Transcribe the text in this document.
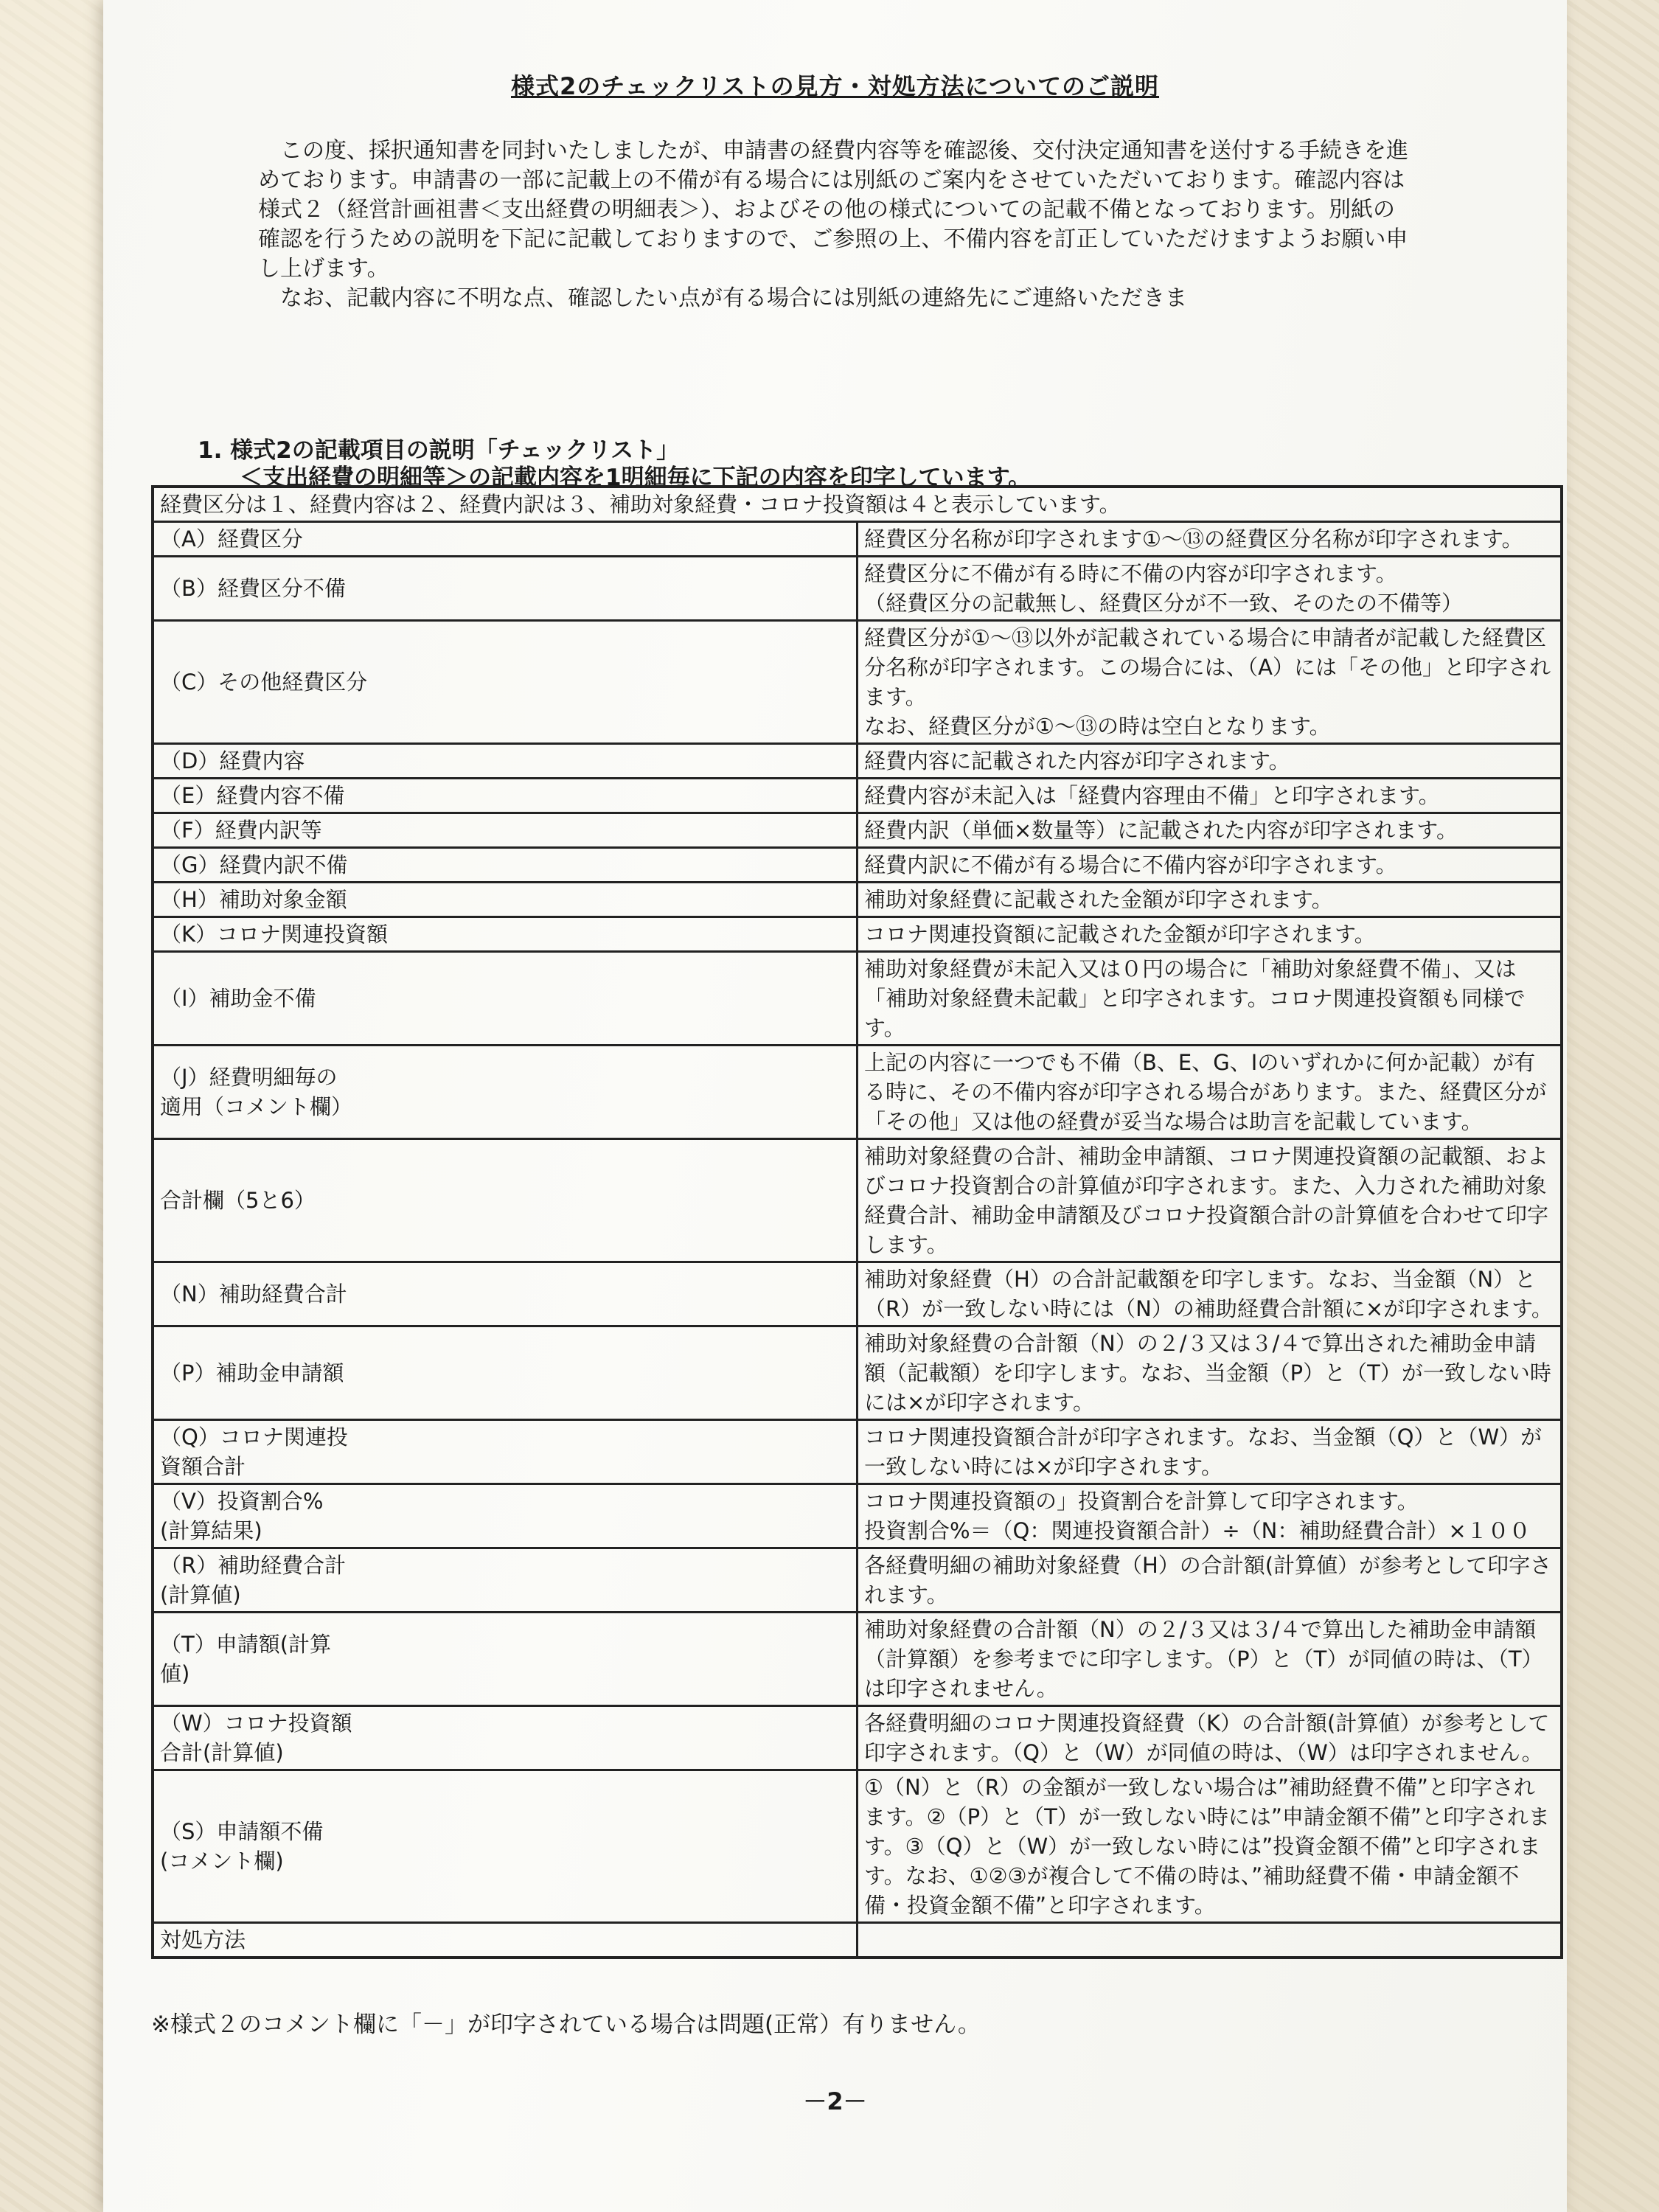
様式2のチェックリストの見方・対処方法についてのご説明

この度、採択通知書を同封いたしましたが、申請書の経費内容等を確認後、交付決定通知書を送付する手続きを進めております。申請書の一部に記載上の不備が有る場合には別紙のご案内をさせていただいております。確認内容は様式２（経営計画祖書＜支出経費の明細表＞）、およびその他の様式についての記載不備となっております。別紙の確認を行うための説明を下記に記載しておりますので、ご参照の上、不備内容を訂正していただけますようお願い申し上げます。

なお、記載内容に不明な点、確認したい点が有る場合には別紙の連絡先にご連絡いただきま

1. 様式2の記載項目の説明「チェックリスト」
＜支出経費の明細等＞の記載内容を1明細毎に下記の内容を印字しています。
経費区分は１、経費内容は２、経費内訳は３、補助対象経費・コロナ投資額は４と表示しています。	
（A）経費区分	経費区分名称が印字されます①～⑬の経費区分名称が印字されます。
（B）経費区分不備	経費区分に不備が有る時に不備の内容が印字されます。
（経費区分の記載無し、経費区分が不一致、そのたの不備等）
（C）その他経費区分	経費区分が①～⑬以外が記載されている場合に申請者が記載した経費区分名称が印字されます。この場合には、（A）には「その他」と印字されます。
なお、経費区分が①～⑬の時は空白となります。
（D）経費内容	経費内容に記載された内容が印字されます。
（E）経費内容不備	経費内容が未記入は「経費内容理由不備」と印字されます。
（F）経費内訳等	経費内訳（単価×数量等）に記載された内容が印字されます。
（G）経費内訳不備	経費内訳に不備が有る場合に不備内容が印字されます。
（H）補助対象金額	補助対象経費に記載された金額が印字されます。
（K）コロナ関連投資額	コロナ関連投資額に記載された金額が印字されます。
（I）補助金不備	補助対象経費が未記入又は０円の場合に「補助対象経費不備」、又は「補助対象経費未記載」と印字されます。コロナ関連投資額も同様です。
（J）経費明細毎の
適用（コメント欄）	上記の内容に一つでも不備（B、E、G、Iのいずれかに何か記載）が有る時に、その不備内容が印字される場合があります。また、経費区分が「その他」又は他の経費が妥当な場合は助言を記載しています。
合計欄（5と6）	補助対象経費の合計、補助金申請額、コロナ関連投資額の記載額、およびコロナ投資割合の計算値が印字されます。また、入力された補助対象経費合計、補助金申請額及びコロナ投資額合計の計算値を合わせて印字します。
（N）補助経費合計	補助対象経費（H）の合計記載額を印字します。なお、当金額（N）と（R）が一致しない時には（N）の補助経費合計額に×が印字されます。
（P）補助金申請額	補助対象経費の合計額（N）の２/３又は３/４で算出された補助金申請額（記載額）を印字します。なお、当金額（P）と（T）が一致しない時には×が印字されます。
（Q）コロナ関連投
資額合計	コロナ関連投資額合計が印字されます。なお、当金額（Q）と（W）が一致しない時には×が印字されます。
（V）投資割合%
(計算結果)	コロナ関連投資額の」投資割合を計算して印字されます。
投資割合%＝（Q：関連投資額合計）÷（N：補助経費合計）×１００
（R）補助経費合計
(計算値)	各経費明細の補助対象経費（H）の合計額(計算値）が参考として印字されます。
（T）申請額(計算
値)	補助対象経費の合計額（N）の２/３又は３/４で算出した補助金申請額（計算額）を参考までに印字します。（P）と（T）が同値の時は、（T）は印字されません。
（W）コロナ投資額
合計(計算値)	各経費明細のコロナ関連投資経費（K）の合計額(計算値）が参考として印字されます。（Q）と（W）が同値の時は、（W）は印字されません。
（S）申請額不備
(コメント欄)	①（N）と（R）の金額が一致しない場合は”補助経費不備”と印字されます。②（P）と（T）が一致しない時には”申請金額不備”と印字されます。③（Q）と（W）が一致しない時には”投資金額不備”と印字されます。なお、①②③が複合して不備の時は、”補助経費不備・申請金額不備・投資金額不備”と印字されます。
対処方法	
※様式２のコメント欄に「－」が印字されている場合は問題(正常）有りません。
－2－
